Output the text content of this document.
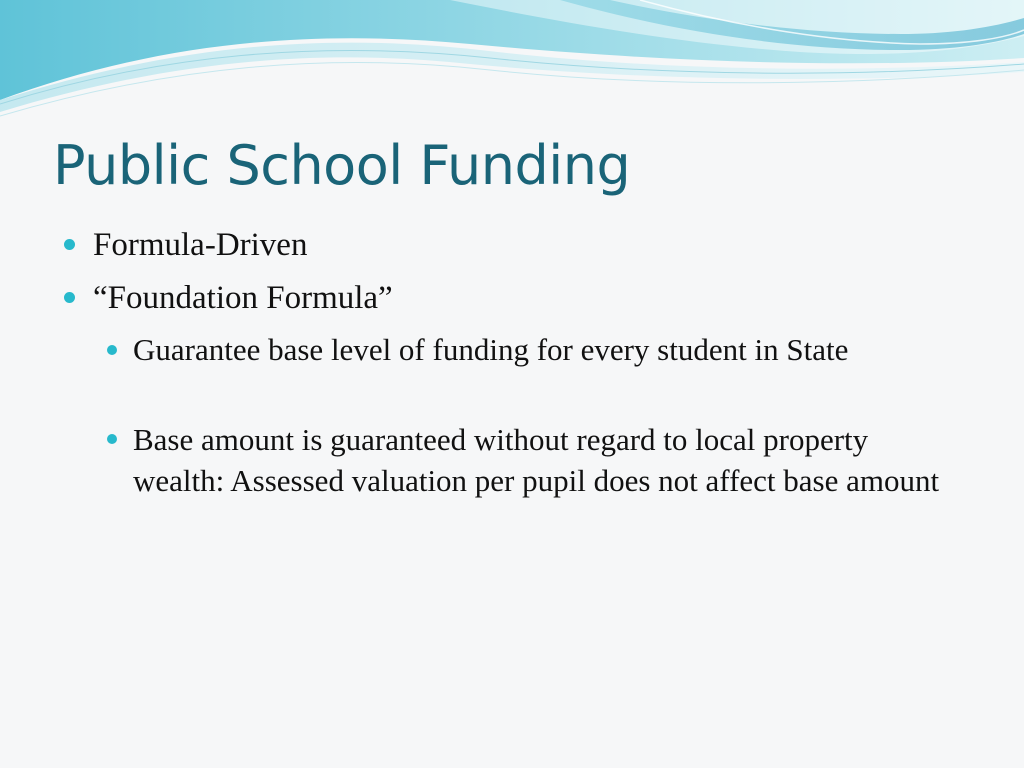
Public School Funding
Formula-Driven
“Foundation Formula”
Guarantee base level of funding for every student in State
Base amount is guaranteed without regard to local property wealth: Assessed valuation per pupil does not affect base amount
